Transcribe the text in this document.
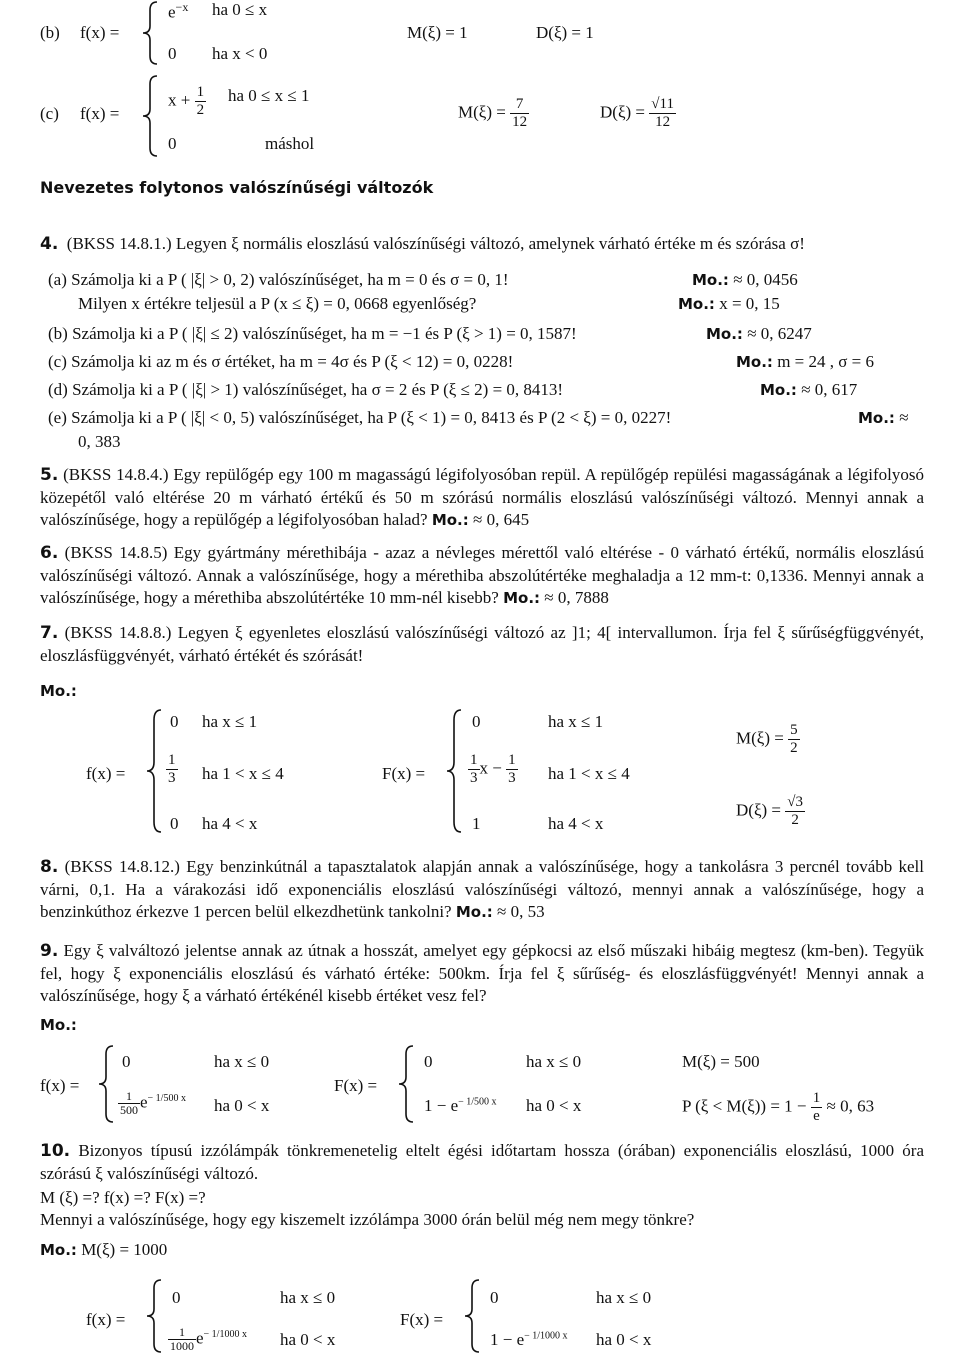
(b) f(x) =
$e^{-x}$ ha 0 ≤ x
0 ha x < 0
M(ξ) = 1	D(ξ) = 1
(c) f(x) =
$x + \frac{1}{2}$ ha 0 ≤ x ≤ 1
0	máshol
$M(\xi) = \frac{7}{12}$	$D(\xi) = \frac{√11}{12}$
Nevezetes folytonos valószínűségi változók
4. (BKSS 14.8.1.) Legyen ξ normális eloszlású valószínűségi változó, amelynek várható értéke m és szórása σ!
(a) Számolja ki a P ( |ξ| > 0, 2) valószínűséget, ha m = 0 és σ = 0, 1!	Mo.: ≈ 0, 0456
Milyen x értékre teljesül a P (x ≤ ξ) = 0, 0668 egyenlőség?	Mo.: x = 0, 15
(b) Számolja ki a P ( |ξ| ≤ 2) valószínűséget, ha m = −1 és P (ξ > 1) = 0, 1587!	Mo.: ≈ 0, 6247
(c) Számolja ki az m és σ értéket, ha m = 4σ és P (ξ < 12) = 0, 0228!	Mo.: m = 24 , σ = 6
(d) Számolja ki a P ( |ξ| > 1) valószínűséget, ha σ = 2 és P (ξ ≤ 2) = 0, 8413!	Mo.: ≈ 0, 617
(e) Számolja ki a P ( |ξ| < 0, 5) valószínűséget, ha P (ξ < 1) = 0, 8413 és P (2 < ξ) = 0, 0227!	Mo.: ≈
0, 383
5. (BKSS 14.8.4.) Egy repülőgép egy 100 m magasságú légifolyosóban repül. A repülőgép repülési magasságának a légifolyosó közepétől való eltérése 20 m várható értékű és 50 m szórású normális eloszlású valószínűségi változó. Mennyi annak a valószínűsége, hogy a repülőgép a légifolyosóban halad? Mo.: ≈ 0, 645
6. (BKSS 14.8.5) Egy gyártmány mérethibája - azaz a névleges mérettől való eltérése - 0 várható értékű, normális eloszlású valószínűségi változó. Annak a valószínűsége, hogy a mérethiba abszolútértéke meghaladja a 12 mm-t: 0,1336. Mennyi annak a valószínűsége, hogy a mérethiba abszolútértéke 10 mm-nél kisebb? Mo.: ≈ 0, 7888
7. (BKSS 14.8.8.) Legyen ξ egyenletes eloszlású valószínűségi változó az ]1; 4[ intervallumon. Írja fel ξ sűrűségfüggvényét, eloszlásfüggvényét, várható értékét és szórását!
Mo.:
f(x) =
0 ha x ≤ 1
$\frac{1}{3}$ ha 1 < x ≤ 4
0 ha 4 < x
F(x) =
0	ha x ≤ 1
$\frac{1}{3}$ $x - \frac{1}{3}$ ha 1 < x ≤ 4
1	ha 4 < x
$M(\xi) = \frac{5}{2}$
$D(\xi) = \frac{√3}{2}$
8. (BKSS 14.8.12.) Egy benzinkútnál a tapasztalatok alapján annak a valószínűsége, hogy a tankolásra 3 percnél tovább kell várni, 0,1. Ha a várakozási idő exponenciális eloszlású valószínűségi változó, mennyi annak a valószínűsége, hogy a benzinkúthoz érkezve 1 percen belül elkezdhetünk tankolni? Mo.: ≈ 0, 53
9. Egy ξ valváltozó jelentse annak az útnak a hosszát, amelyet egy gépkocsi az első műszaki hibáig megtesz (km-ben). Tegyük fel, hogy ξ exponenciális eloszlású és várható értéke: 500km. Írja fel ξ sűrűség- és eloszlásfüggvényét! Mennyi annak a valószínűsége, hogy ξ a várható értékénél kisebb értéket vesz fel?
Mo.:
f(x) =
0	ha x ≤ 0
$\frac{1}{500} e^{- 1/500 x}$ ha 0 < x
F(x) =
0	ha x ≤ 0
$1 - e^{- 1/500 x}$ ha 0 < x
M(ξ) = 500
P $(\xi < M(\xi)) = 1 - \frac{1}{e} \approx 0$, 63
10. Bizonyos típusú izzólámpák tönkremenetelig eltelt égési időtartam hossza (órában) exponenciális eloszlású, 1000 óra szórású ξ valószínűségi változó.
M (ξ) =? f(x) =? F(x) =?
Mennyi a valószínűsége, hogy egy kiszemelt izzólámpa 3000 órán belül még nem megy tönkre?
Mo.: M(ξ) = 1000
f(x) =
0	ha x ≤ 0
$\frac{1}{1000} e^{- 1/1000 x}$ ha 0 < x
F(x) =
0	ha x ≤ 0
$1 - e^{- 1/1000 x}$ ha 0 < x
